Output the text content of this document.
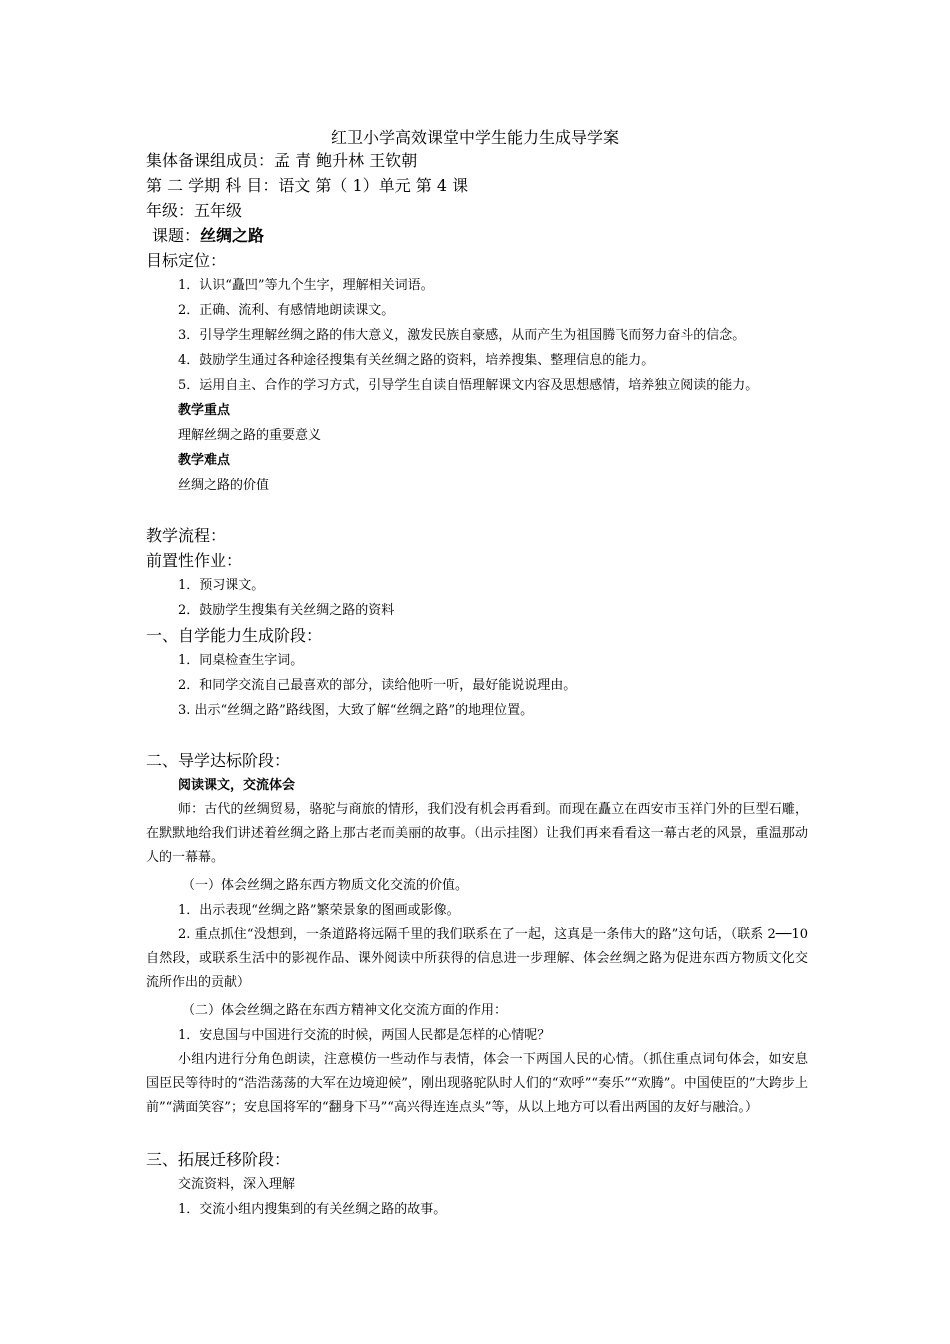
红卫小学高效课堂中学生能力生成导学案
集体备课组成员：孟 青 鲍升林 王钦朝
第 二 学期 科 目：语文 第（ 1）单元 第 4 课
年级：五年级
课题：丝绸之路
目标定位：
1．认识“矗凹”等九个生字，理解相关词语。
2．正确、流利、有感情地朗读课文。
3．引导学生理解丝绸之路的伟大意义，激发民族自豪感，从而产生为祖国腾飞而努力奋斗的信念。
4．鼓励学生通过各种途径搜集有关丝绸之路的资料，培养搜集、整理信息的能力。
5．运用自主、合作的学习方式，引导学生自读自悟理解课文内容及思想感情，培养独立阅读的能力。
教学重点
理解丝绸之路的重要意义
教学难点
丝绸之路的价值
教学流程：
前置性作业：
1．预习课文。
2．鼓励学生搜集有关丝绸之路的资料
一、自学能力生成阶段：
1．同桌检查生字词。
2．和同学交流自己最喜欢的部分，读给他听一听，最好能说说理由。
3. 出示“丝绸之路”路线图，大致了解“丝绸之路”的地理位置。
二、导学达标阶段：
阅读课文，交流体会
师：古代的丝绸贸易，骆驼与商旅的情形，我们没有机会再看到。而现在矗立在西安市玉祥门外的巨型石雕，在默默地给我们讲述着丝绸之路上那古老而美丽的故事。（出示挂图）让我们再来看看这一幕古老的风景，重温那动人的一幕幕。
（一）体会丝绸之路东西方物质文化交流的价值。
1．出示表现“丝绸之路”繁荣景象的图画或影像。
2. 重点抓住“没想到，一条道路将远隔千里的我们联系在了一起，这真是一条伟大的路”这句话，（联系 2──10 自然段，或联系生活中的影视作品、课外阅读中所获得的信息进一步理解、体会丝绸之路为促进东西方物质文化交流所作出的贡献）
（二）体会丝绸之路在东西方精神文化交流方面的作用：
1．安息国与中国进行交流的时候，两国人民都是怎样的心情呢？
小组内进行分角色朗读，注意模仿一些动作与表情，体会一下两国人民的心情。（抓住重点词句体会，如安息国臣民等待时的“浩浩荡荡的大军在边境迎候”，刚出现骆驼队时人们的“欢呼”“奏乐”“欢腾”。中国使臣的”大跨步上前”“满面笑容”；安息国将军的“翻身下马”“高兴得连连点头”等，从以上地方可以看出两国的友好与融洽。）
三、拓展迁移阶段：
交流资料，深入理解
1．交流小组内搜集到的有关丝绸之路的故事。
